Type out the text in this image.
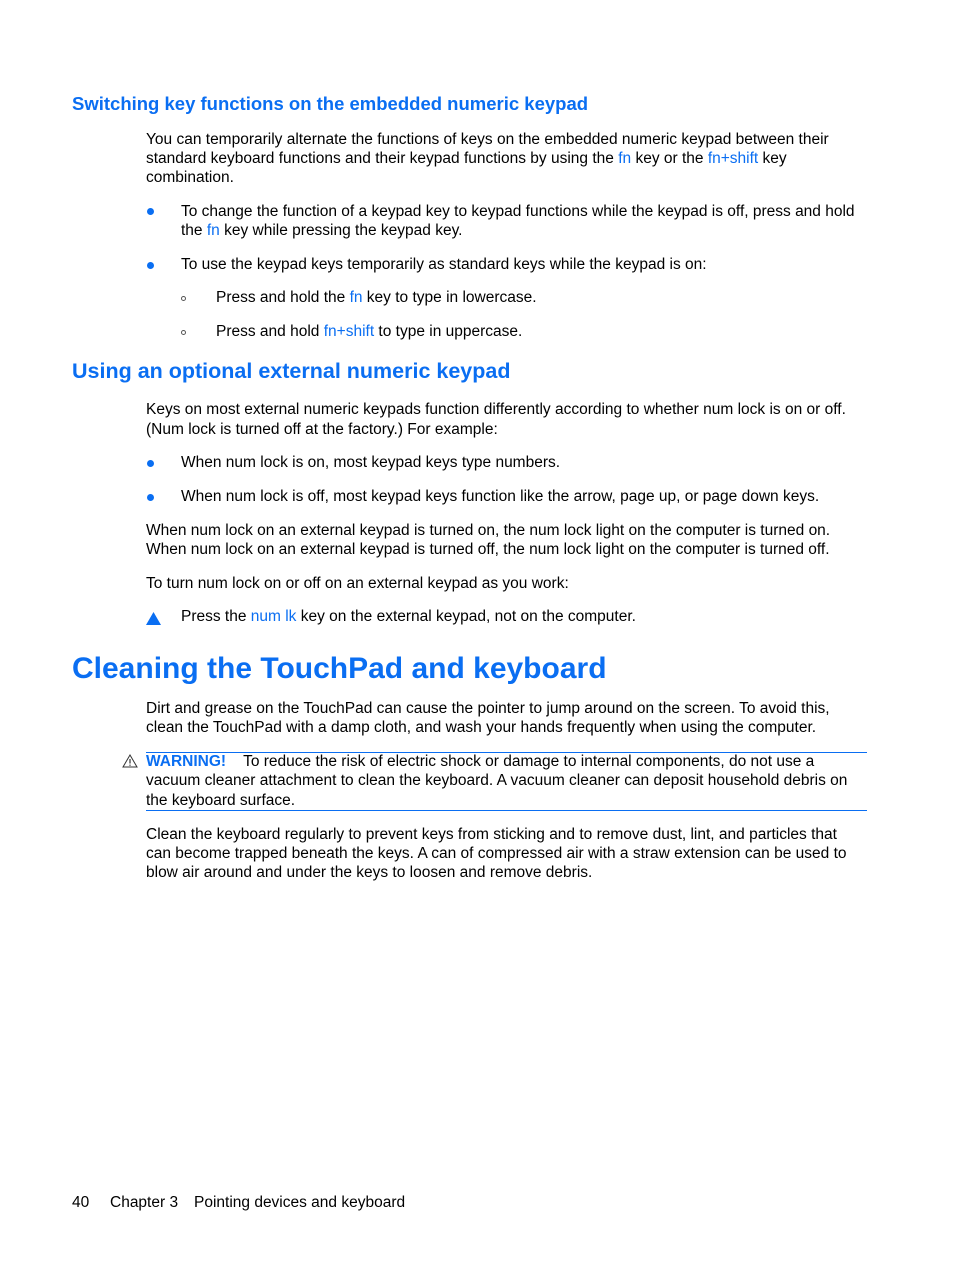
Switching key functions on the embedded numeric keypad
You can temporarily alternate the functions of keys on the embedded numeric keypad between their
standard keyboard functions and their keypad functions by using the fn key or the fn+shift key
combination.
To change the function of a keypad key to keypad functions while the keypad is off, press and hold
the fn key while pressing the keypad key.
To use the keypad keys temporarily as standard keys while the keypad is on:
Press and hold the fn key to type in lowercase.
Press and hold fn+shift to type in uppercase.
Using an optional external numeric keypad
Keys on most external numeric keypads function differently according to whether num lock is on or off.
(Num lock is turned off at the factory.) For example:
When num lock is on, most keypad keys type numbers.
When num lock is off, most keypad keys function like the arrow, page up, or page down keys.
When num lock on an external keypad is turned on, the num lock light on the computer is turned on.
When num lock on an external keypad is turned off, the num lock light on the computer is turned off.
To turn num lock on or off on an external keypad as you work:
Press the num lk key on the external keypad, not on the computer.
Cleaning the TouchPad and keyboard
Dirt and grease on the TouchPad can cause the pointer to jump around on the screen. To avoid this,
clean the TouchPad with a damp cloth, and wash your hands frequently when using the computer.
WARNING! To reduce the risk of electric shock or damage to internal components, do not use a
vacuum cleaner attachment to clean the keyboard. A vacuum cleaner can deposit household debris on
the keyboard surface.
Clean the keyboard regularly to prevent keys from sticking and to remove dust, lint, and particles that
can become trapped beneath the keys. A can of compressed air with a straw extension can be used to
blow air around and under the keys to loosen and remove debris.
40 Chapter 3 Pointing devices and keyboard
